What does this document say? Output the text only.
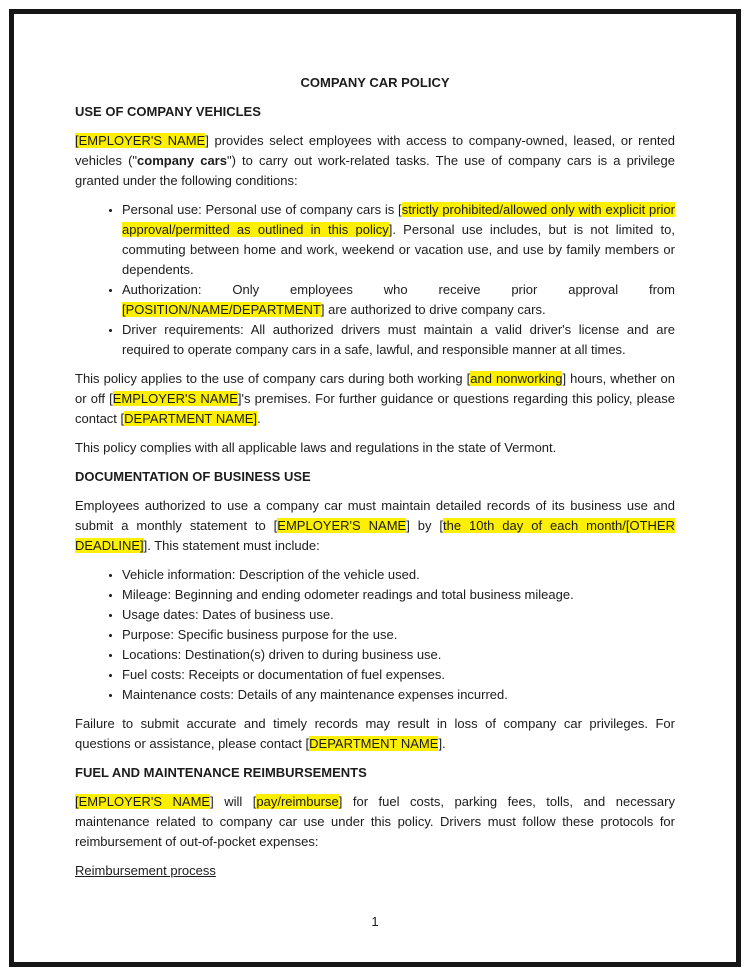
COMPANY CAR POLICY
USE OF COMPANY VEHICLES

[EMPLOYER'S NAME] provides select employees with access to company-owned, leased, or rented vehicles ("company cars") to carry out work-related tasks. The use of company cars is a privilege granted under the following conditions:

• Personal use: Personal use of company cars is [strictly prohibited/allowed only with explicit prior approval/permitted as outlined in this policy]. Personal use includes, but is not limited to, commuting between home and work, weekend or vacation use, and use by family members or dependents.
• Authorization: Only employees who receive prior approval from [POSITION/NAME/DEPARTMENT] are authorized to drive company cars.
• Driver requirements: All authorized drivers must maintain a valid driver's license and are required to operate company cars in a safe, lawful, and responsible manner at all times.

This policy applies to the use of company cars during both working [and nonworking] hours, whether on or off [EMPLOYER'S NAME]'s premises. For further guidance or questions regarding this policy, please contact [DEPARTMENT NAME].

This policy complies with all applicable laws and regulations in the state of Vermont.

DOCUMENTATION OF BUSINESS USE

Employees authorized to use a company car must maintain detailed records of its business use and submit a monthly statement to [EMPLOYER'S NAME] by [the 10th day of each month/[OTHER DEADLINE]]. This statement must include:

• Vehicle information: Description of the vehicle used.
• Mileage: Beginning and ending odometer readings and total business mileage.
• Usage dates: Dates of business use.
• Purpose: Specific business purpose for the use.
• Locations: Destination(s) driven to during business use.
• Fuel costs: Receipts or documentation of fuel expenses.
• Maintenance costs: Details of any maintenance expenses incurred.

Failure to submit accurate and timely records may result in loss of company car privileges. For questions or assistance, please contact [DEPARTMENT NAME].

FUEL AND MAINTENANCE REIMBURSEMENTS

[EMPLOYER'S NAME] will [pay/reimburse] for fuel costs, parking fees, tolls, and necessary maintenance related to company car use under this policy. Drivers must follow these protocols for reimbursement of out-of-pocket expenses:

Reimbursement process

1
